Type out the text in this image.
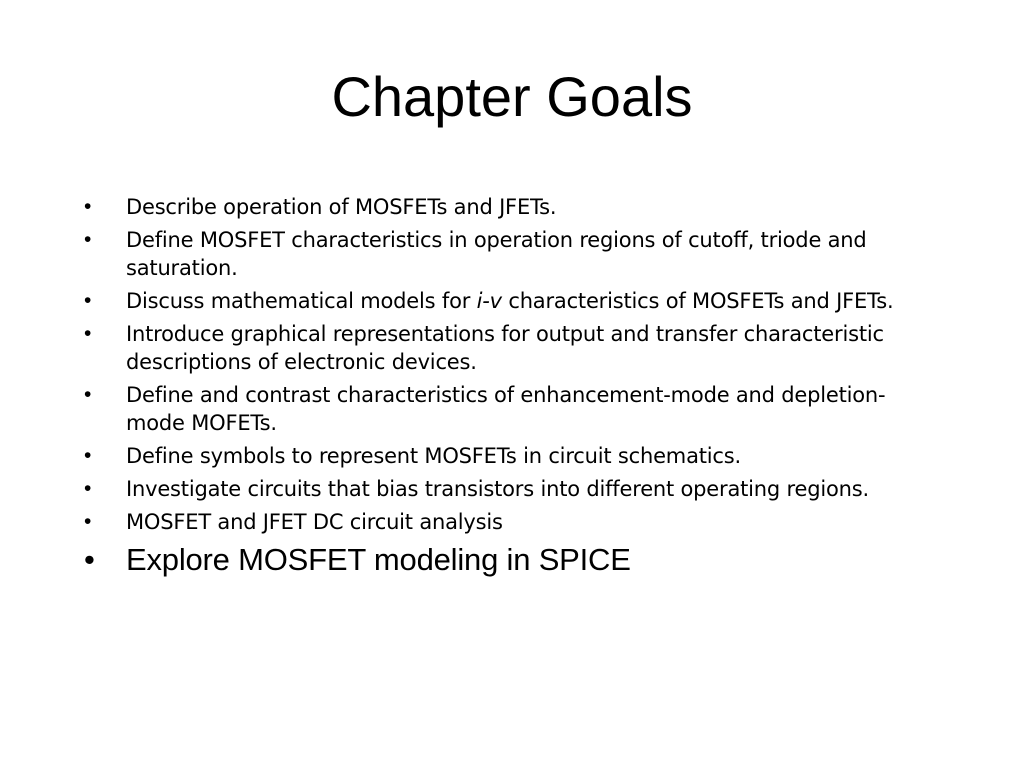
Chapter Goals
• Describe operation of MOSFETs and JFETs.
• Define MOSFET characteristics in operation regions of cutoff, triode and saturation.
• Discuss mathematical models for i-v characteristics of MOSFETs and JFETs.
• Introduce graphical representations for output and transfer characteristic descriptions of electronic devices.
• Define and contrast characteristics of enhancement-mode and depletion-mode MOFETs.
• Define symbols to represent MOSFETs in circuit schematics.
• Investigate circuits that bias transistors into different operating regions.
• MOSFET and JFET DC circuit analysis
• Explore MOSFET modeling in SPICE
